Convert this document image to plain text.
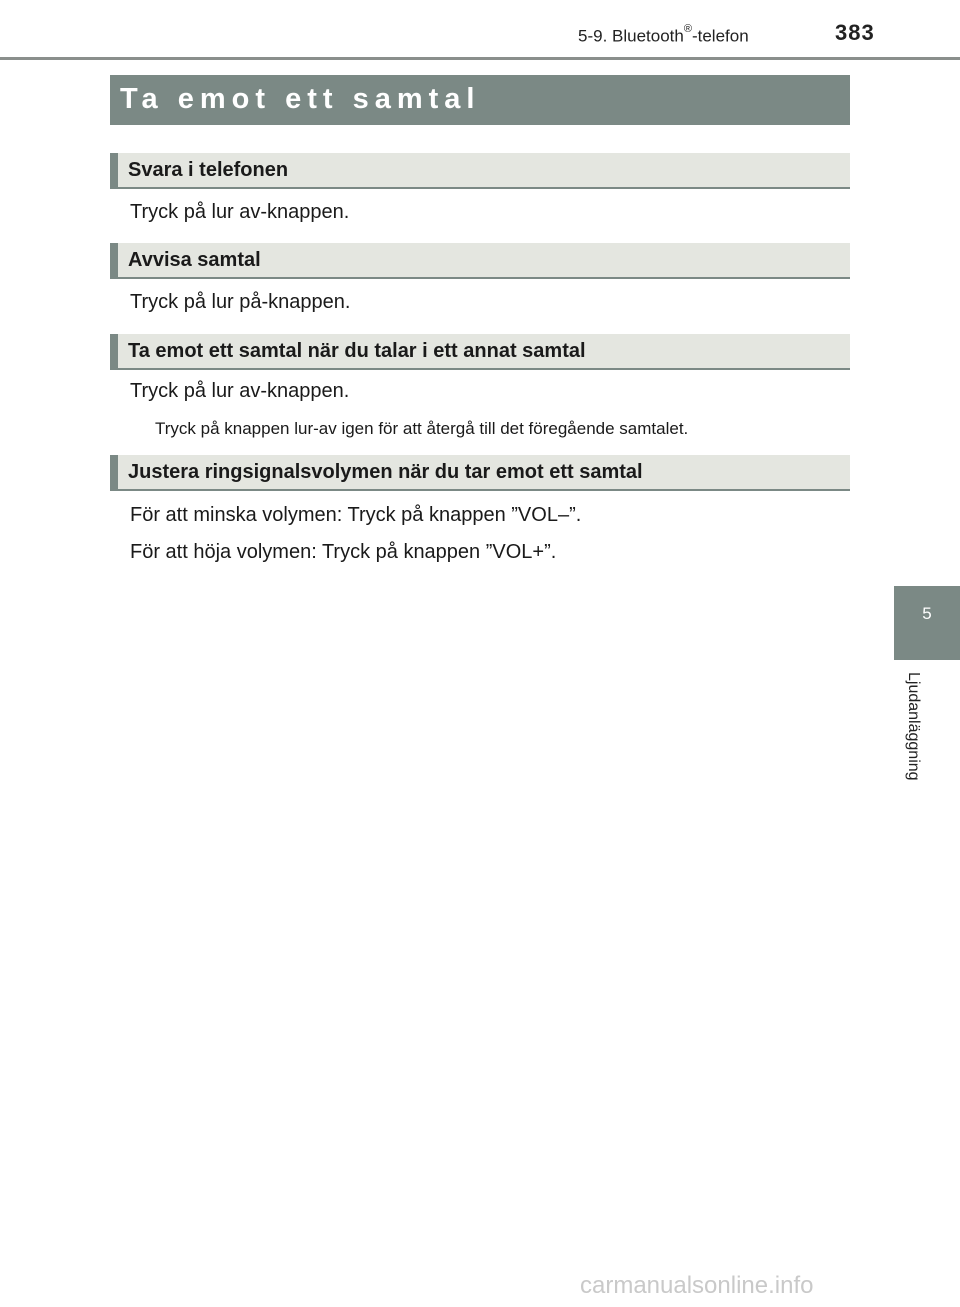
5-9. Bluetooth®-telefon	383
Ta emot ett samtal
Svara i telefonen
Tryck på lur av-knappen.
Avvisa samtal
Tryck på lur på-knappen.
Ta emot ett samtal när du talar i ett annat samtal
Tryck på lur av-knappen.
Tryck på knappen lur-av igen för att återgå till det föregående samtalet.
Justera ringsignalsvolymen när du tar emot ett samtal
För att minska volymen: Tryck på knappen ”VOL–”.
För att höja volymen: Tryck på knappen ”VOL+”.
5
Ljudanläggning
carmanualsonline.info
